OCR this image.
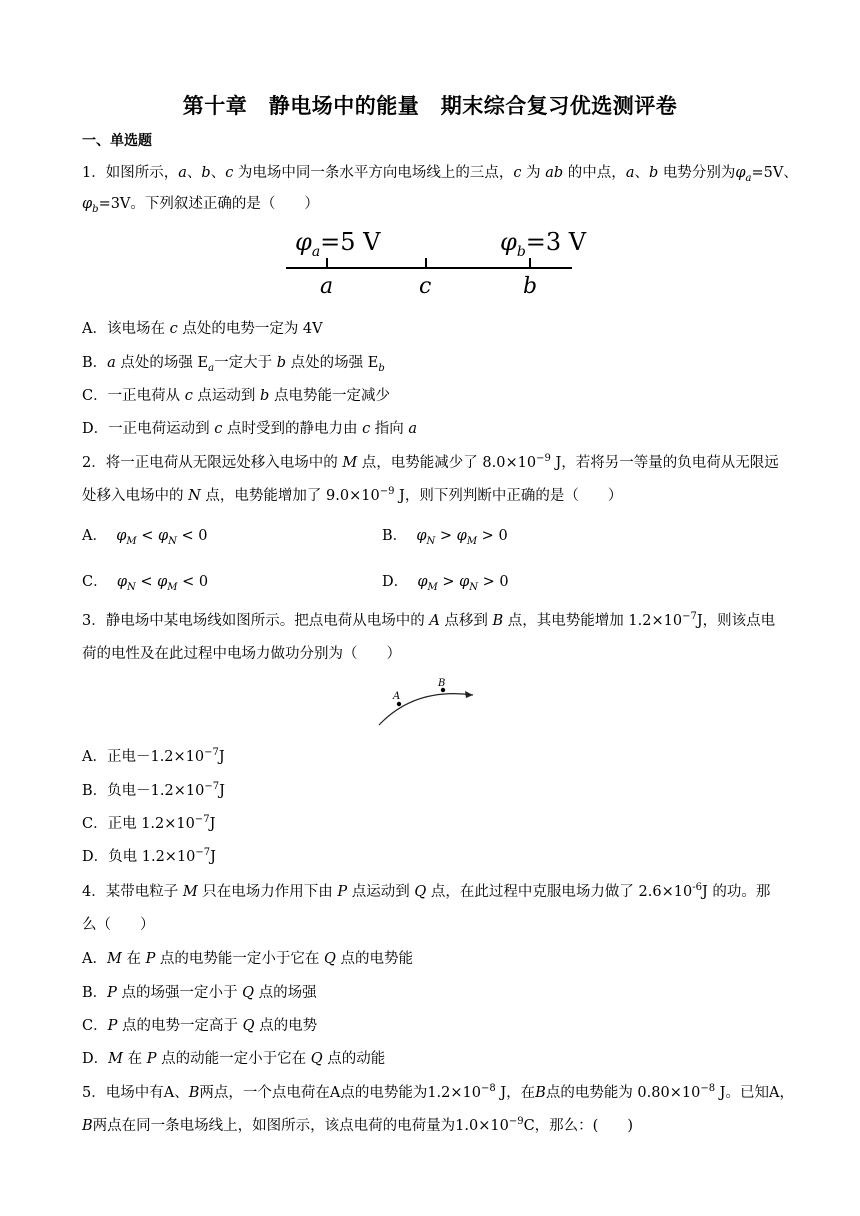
第十章　静电场中的能量　期末综合复习优选测评卷
一、单选题
1．如图所示，a、b、c 为电场中同一条水平方向电场线上的三点，c 为 ab 的中点，a、b 电势分别为$\varphi_a=5V$、
$\varphi_b=3V$。下列叙述正确的是（　　）
$\varphi_a=5$ V	$\varphi_b=3$ V
a	c	b
A．该电场在 c 点处的电势一定为 4V
B．a 点处的场强 $E_a$一定大于 b 点处的场强 $E_b$
C．一正电荷从 c 点运动到 b 点电势能一定减少
D．一正电荷运动到 c 点时受到的静电力由 c 指向 a
2．将一正电荷从无限远处移入电场中的 M 点，电势能减少了 $8.0\times 10^{-9}$ J，若将另一等量的负电荷从无限远
处移入电场中的 N 点，电势能增加了 $9.0\times 10^{-9}$ J，则下列判断中正确的是（　　）
A． $\varphi_M < \varphi_N < 0$	B． $\varphi_N > \varphi_M > 0$
C． $\varphi_N < \varphi_M < 0$	D． $\varphi_M > \varphi_N > 0$
3．静电场中某电场线如图所示。把点电荷从电场中的 A 点移到 B 点，其电势能增加 $1.2\times 10^{-7}J$，则该点电
荷的电性及在此过程中电场力做功分别为（　　）
A
B
A．正电$-1.2\times 10^{-7}J$
B．负电$-1.2\times 10^{-7}J$
C．正电 $1.2\times 10^{-7}J$
D．负电 $1.2\times 10^{-7}J$
4．某带电粒子 M 只在电场力作用下由 P 点运动到 Q 点，在此过程中克服电场力做了 $2.6\times 10^{-6}J$ 的功。那
么（　　）
A．M 在 P 点的电势能一定小于它在 Q 点的电势能
B．P 点的场强一定小于 Q 点的场强
C．P 点的电势一定高于 Q 点的电势
D．M 在 P 点的动能一定小于它在 Q 点的动能
5．电场中有A、B两点，一个点电荷在A点的电势能为$1.2\times 10^{-8}$ J，在B点的电势能为 $0.80\times 10^{-8}$ J。已知A，
B两点在同一条电场线上，如图所示，该点电荷的电荷量为$1.0\times 10^{-9}C$，那么：(　　)
